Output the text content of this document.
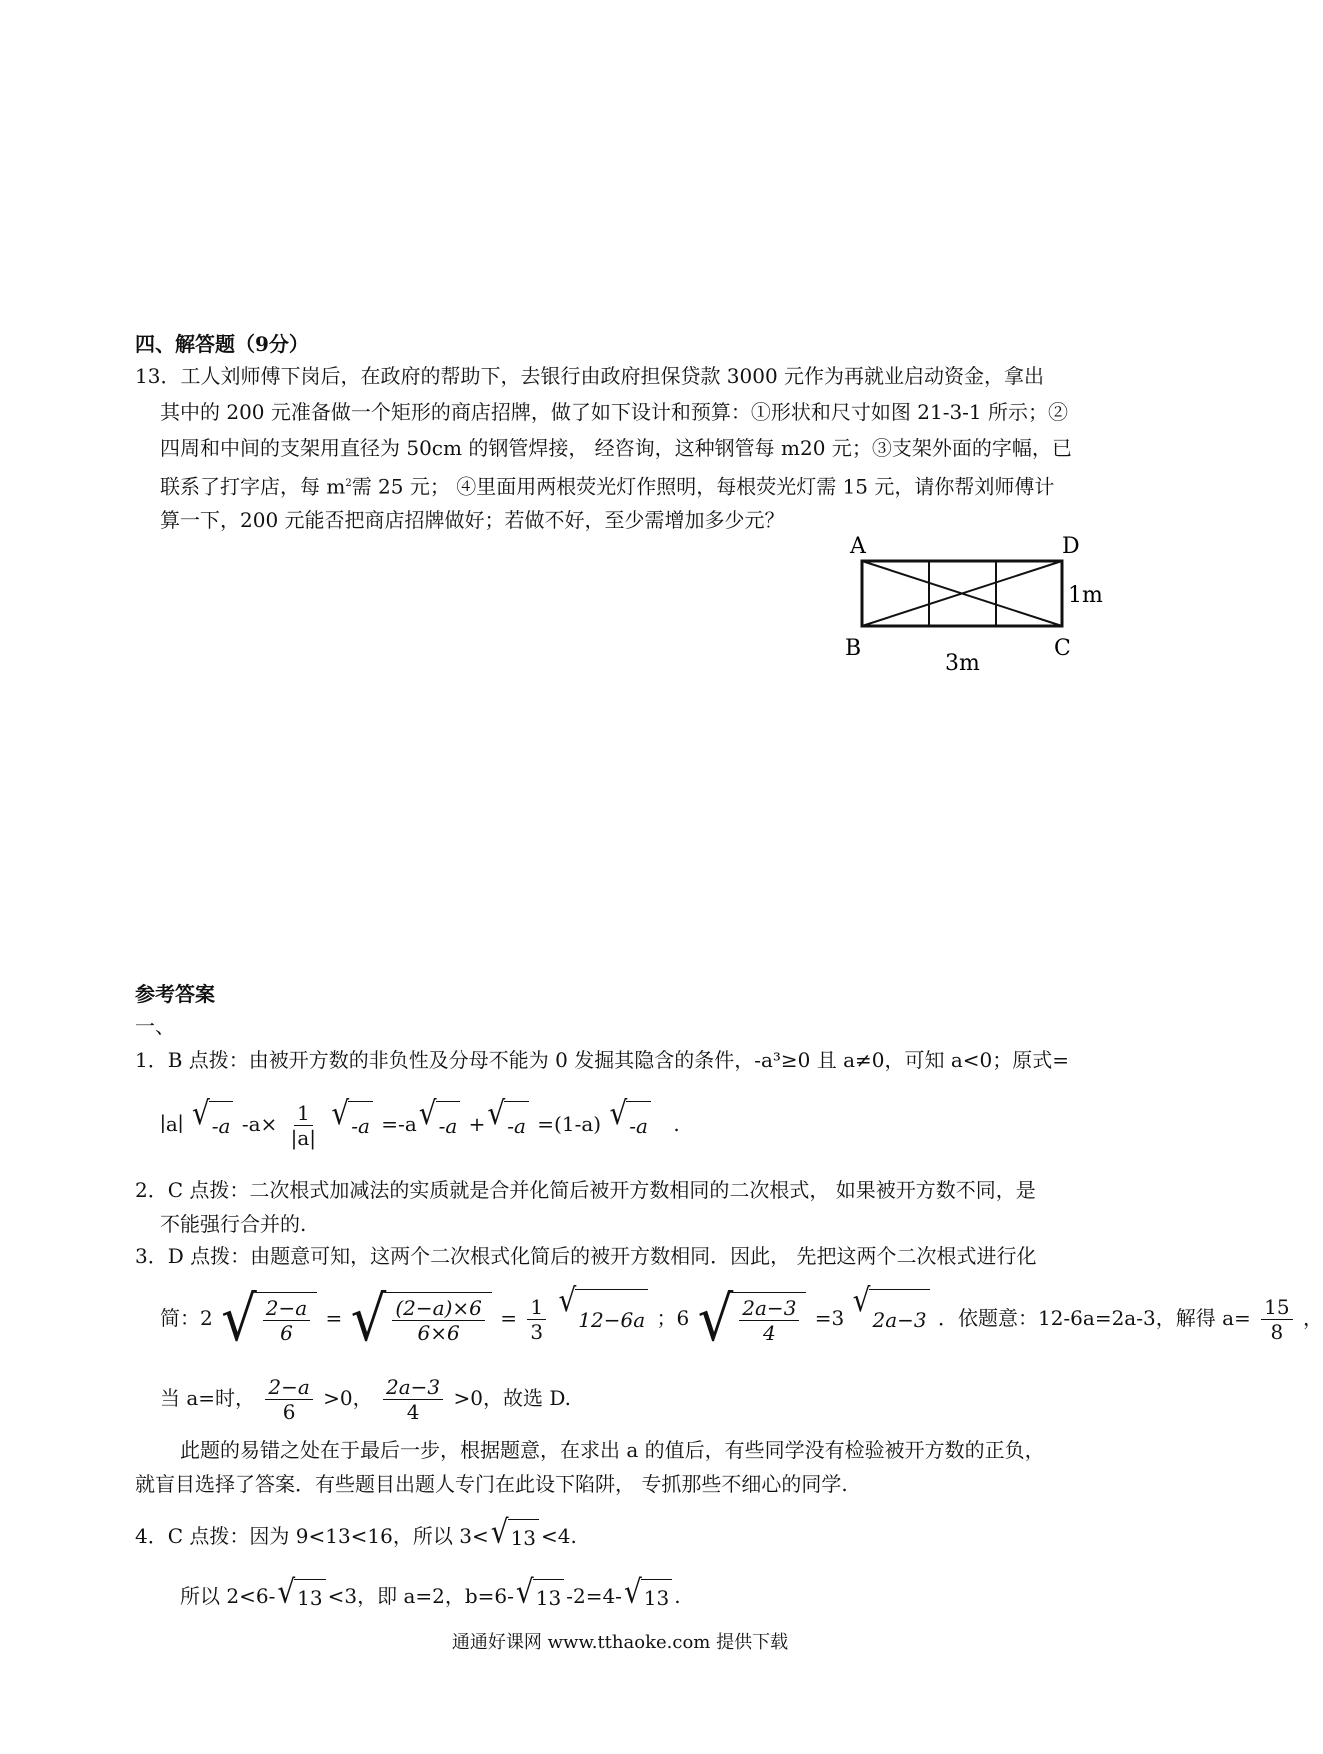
四、解答题（9分）
13．工人刘师傅下岗后，在政府的帮助下，去银行由政府担保贷款 3000 元作为再就业启动资金，拿出
其中的 200 元准备做一个矩形的商店招牌，做了如下设计和预算：①形状和尺寸如图 21-3-1 所示；②
四周和中间的支架用直径为 50cm 的钢管焊接， 经咨询，这种钢管每 m20 元；③支架外面的字幅，已
联系了打字店，每 $m^2$需 25 元； ④里面用两根荧光灯作照明，每根荧光灯需 15 元，请你帮刘师傅计
算一下，200 元能否把商店招牌做好；若做不好，至少需增加多少元？
A	D
B	C
1m
3m
参考答案
一、
1．B 点拨：由被开方数的非负性及分母不能为 0 发掘其隐含的条件，-a³≥0 且 a≠0，可知 a<0；原式=
∣a∣ √ -a $-a\times \frac{1}{|a|}$
√ -a =-a √ -a + √ -a =(1-a) √ -a .
2．C 点拨：二次根式加减法的实质就是合并化简后被开方数相同的二次根式， 如果被开方数不同，是
不能强行合并的.
3．D 点拨：由题意可知，这两个二次根式化简后的被开方数相同．因此， 先把这两个二次根式进行化
简：2 √ $\frac{2-a}{6}$ = √ $\frac{(2-a)\times 6}{6\times 6} = \frac{1}{3}$
√
12−6a ；6 √ $\frac{2a-3}{4} =3$ √
2a−3 ．依题意：12-6a=2a-3，解得 $a= \frac{15}{8}$ ，
当 a=时， $\frac{2-a}{6} >0$， $\frac{2a-3}{4} >0$，故选 D.
此题的易错之处在于最后一步，根据题意，在求出 a 的值后，有些同学没有检验被开方数的正负，
就盲目选择了答案．有些题目出题人专门在此设下陷阱， 专抓那些不细心的同学.
4．C 点拨：因为 9<13<16，所以 3< √ 13 <4.
所以 2<6- √ 13 <3，即 a=2，b=6- √ 13 -2=4- √ 13 .
通通好课网 www.tthaoke.com 提供下载
